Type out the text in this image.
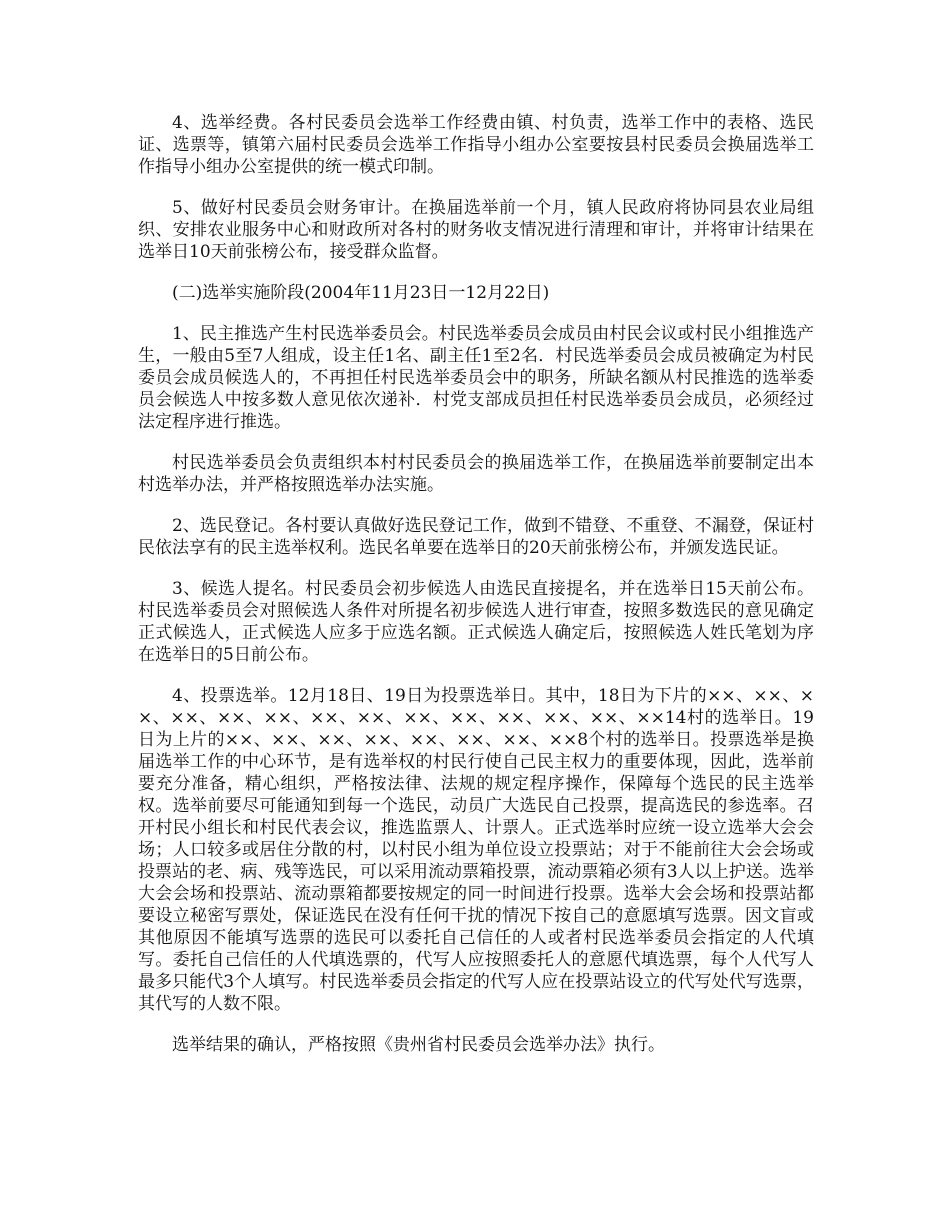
4、选举经费。各村民委员会选举工作经费由镇、村负责，选举工作中的表格、选民证、选票等，镇第六届村民委员会选举工作指导小组办公室要按县村民委员会换届选举工作指导小组办公室提供的统一模式印制。

5、做好村民委员会财务审计。在换届选举前一个月，镇人民政府将协同县农业局组织、安排农业服务中心和财政所对各村的财务收支情况进行清理和审计，并将审计结果在选举日10天前张榜公布，接受群众监督。

(二)选举实施阶段(2004年11月23日一12月22日)

1、民主推选产生村民选举委员会。村民选举委员会成员由村民会议或村民小组推选产生，一般由5至7人组成，设主任1名、副主任1至2名．村民选举委员会成员被确定为村民委员会成员候选人的，不再担任村民选举委员会中的职务，所缺名额从村民推选的选举委员会候选人中按多数人意见依次递补．村党支部成员担任村民选举委员会成员，必须经过法定程序进行推选。

村民选举委员会负责组织本村村民委员会的换届选举工作，在换届选举前要制定出本村选举办法，并严格按照选举办法实施。

2、选民登记。各村要认真做好选民登记工作，做到不错登、不重登、不漏登，保证村民依法享有的民主选举权利。选民名单要在选举日的20天前张榜公布，并颁发选民证。

3、候选人提名。村民委员会初步候选人由选民直接提名，并在选举日15天前公布。村民选举委员会对照候选人条件对所提名初步候选人进行审查，按照多数选民的意见确定正式候选人，正式候选人应多于应选名额。正式候选人确定后，按照候选人姓氏笔划为序在选举日的5日前公布。

4、投票选举。12月18日、19日为投票选举日。其中，18日为下片的××、××、××、××、××、××、××、××、××、××、××、××、××、××14村的选举日。19日为上片的××、××、××、××、××、××、××、××8个村的选举日。投票选举是换届选举工作的中心环节，是有选举权的村民行使自己民主权力的重要体现，因此，选举前要充分准备，精心组织，严格按法律、法规的规定程序操作，保障每个选民的民主选举权。选举前要尽可能通知到每一个选民，动员广大选民自己投票，提高选民的参选率。召开村民小组长和村民代表会议，推选监票人、计票人。正式选举时应统一设立选举大会会场；人口较多或居住分散的村，以村民小组为单位设立投票站；对于不能前往大会会场或投票站的老、病、残等选民，可以采用流动票箱投票，流动票箱必须有3人以上护送。选举大会会场和投票站、流动票箱都要按规定的同一时间进行投票。选举大会会场和投票站都要设立秘密写票处，保证选民在没有任何干扰的情况下按自己的意愿填写选票。因文盲或其他原因不能填写选票的选民可以委托自己信任的人或者村民选举委员会指定的人代填写。委托自己信任的人代填选票的，代写人应按照委托人的意愿代填选票，每个人代写人最多只能代3个人填写。村民选举委员会指定的代写人应在投票站设立的代写处代写选票，其代写的人数不限。

选举结果的确认，严格按照《贵州省村民委员会选举办法》执行。
